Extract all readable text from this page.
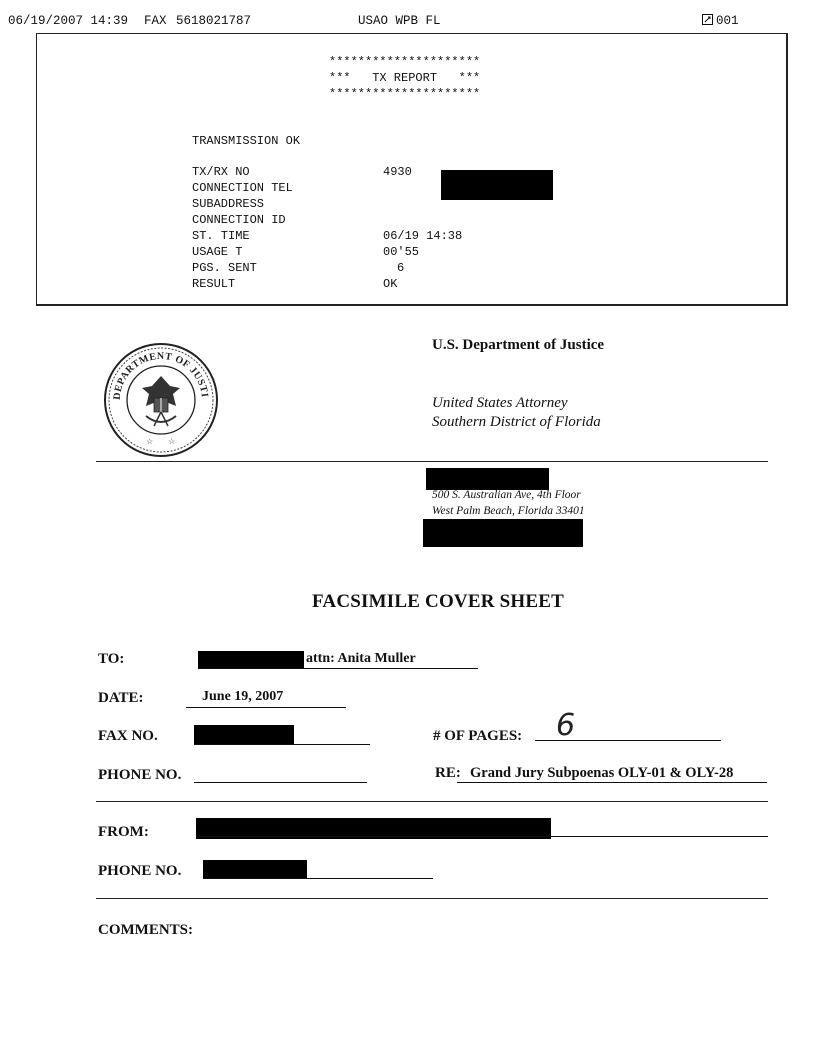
06/19/2007 14:39 FAX 5618021787	USAO WPB FL	001
*********************
***   TX REPORT   ***
*********************
TRANSMISSION OK
TX/RX NO	4930
CONNECTION TEL
SUBADDRESS
CONNECTION ID
ST. TIME	06/19 14:38
USAGE T	00'55
PGS. SENT	6
RESULT	OK
DEPARTMENT OF JUSTI
☆ ☆
U.S. Department of Justice
United States Attorney
Southern District of Florida
500 S. Australian Ave, 4th Floor
West Palm Beach, Florida 33401
FACSIMILE COVER SHEET
TO:	attn: Anita Muller
DATE:	June 19, 2007
FAX NO.	# OF PAGES: 6
PHONE NO.	RE: Grand Jury Subpoenas OLY-01 & OLY-28
FROM:
PHONE NO.
COMMENTS:
